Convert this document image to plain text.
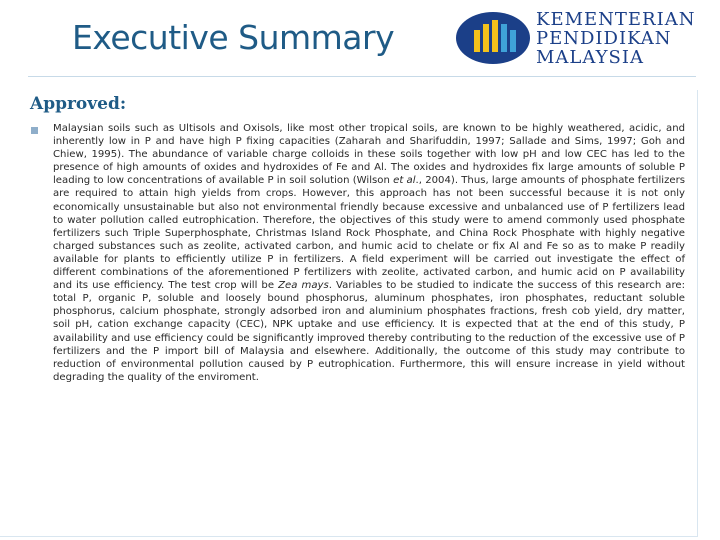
Executive Summary	KEMENTERIAN
PENDIDIKAN
MALAYSIA
Approved:
Malaysian soils such as Ultisols and Oxisols, like most other tropical soils, are known to be highly weathered, acidic, and inherently low in P and have high P fixing capacities (Zaharah and Sharifuddin, 1997; Sallade and Sims, 1997; Goh and Chiew, 1995). The abundance of variable charge colloids in these soils together with low pH and low CEC has led to the presence of high amounts of oxides and hydroxides of Fe and Al. The oxides and hydroxides fix large amounts of soluble P leading to low concentrations of available P in soil solution (Wilson et al., 2004). Thus, large amounts of phosphate fertilizers are required to attain high yields from crops. However, this approach has not been successful because it is not only economically unsustainable but also not environmental friendly because excessive and unbalanced use of P fertilizers lead to water pollution called eutrophication. Therefore, the objectives of this study were to amend commonly used phosphate fertilizers such Triple Superphosphate, Christmas Island Rock Phosphate, and China Rock Phosphate with highly negative charged substances such as zeolite, activated carbon, and humic acid to chelate or fix Al and Fe so as to make P readily available for plants to efficiently utilize P in fertilizers. A field experiment will be carried out investigate the effect of different combinations of the aforementioned P fertilizers with zeolite, activated carbon, and humic acid on P availability and its use efficiency. The test crop will be Zea mays. Variables to be studied to indicate the success of this research are: total P, organic P, soluble and loosely bound phosphorus, aluminum phosphates, iron phosphates, reductant soluble phosphorus, calcium phosphate, strongly adsorbed iron and aluminium phosphates fractions, fresh cob yield, dry matter, soil pH, cation exchange capacity (CEC), NPK uptake and use efficiency. It is expected that at the end of this study, P availability and use efficiency could be significantly improved thereby contributing to the reduction of the excessive use of P fertilizers and the P import bill of Malaysia and elsewhere. Additionally, the outcome of this study may contribute to reduction of environmental pollution caused by P eutrophication. Furthermore, this will ensure increase in yield without degrading the quality of the enviroment.
